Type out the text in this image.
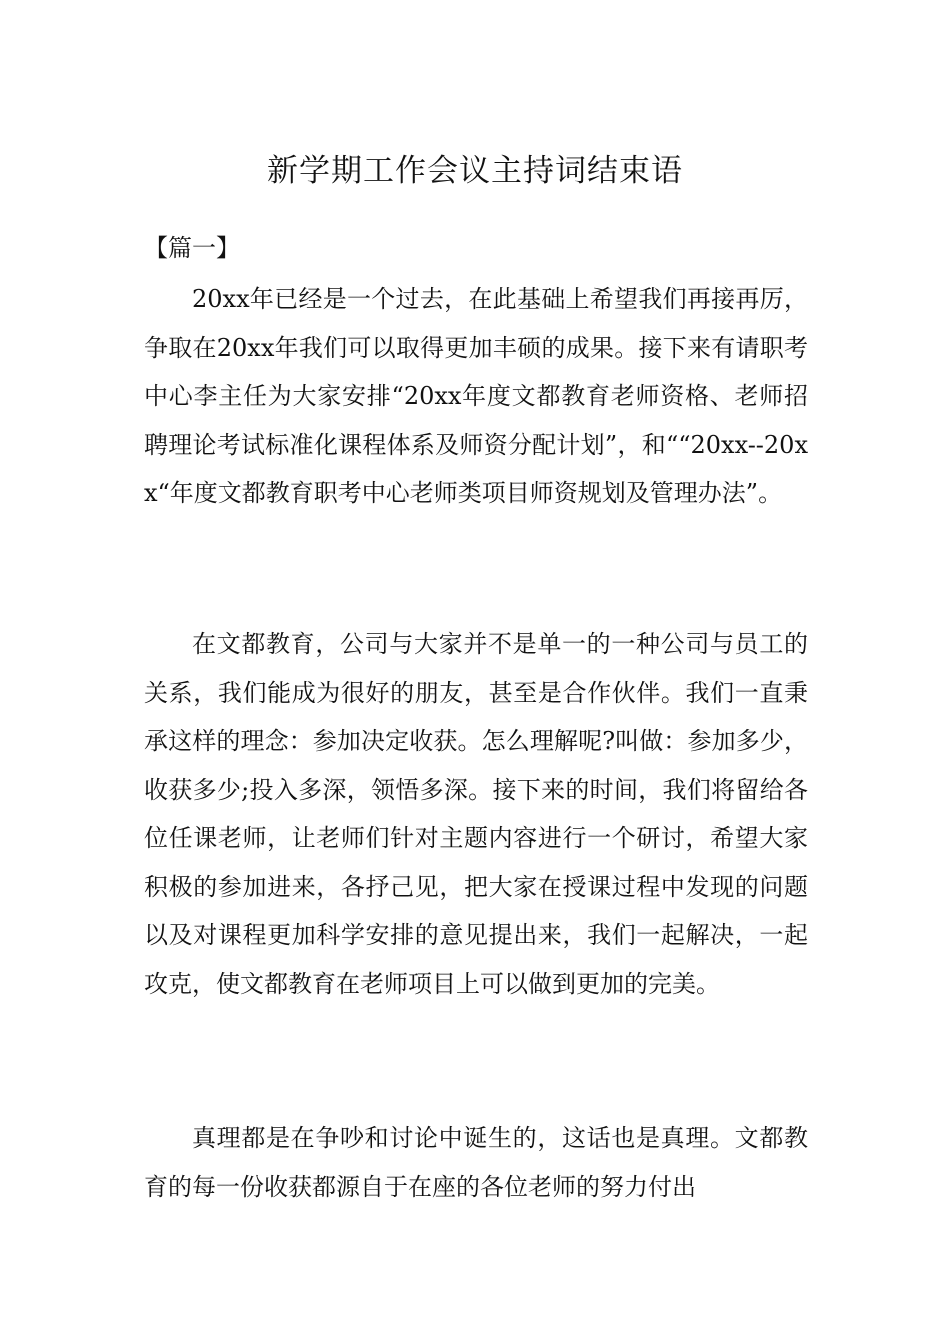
新学期工作会议主持词结束语
【篇一】

20xx年已经是一个过去，在此基础上希望我们再接再厉，争取在20xx年我们可以取得更加丰硕的成果。接下来有请职考中心李主任为大家安排“20xx年度文都教育老师资格、老师招聘理论考试标准化课程体系及师资分配计划”，和““20xx--20xx“年度文都教育职考中心老师类项目师资规划及管理办法”。

在文都教育，公司与大家并不是单一的一种公司与员工的关系，我们能成为很好的朋友，甚至是合作伙伴。我们一直秉承这样的理念：参加决定收获。怎么理解呢?叫做：参加多少，收获多少;投入多深，领悟多深。接下来的时间，我们将留给各位任课老师，让老师们针对主题内容进行一个研讨，希望大家积极的参加进来，各抒己见，把大家在授课过程中发现的问题以及对课程更加科学安排的意见提出来，我们一起解决，一起攻克，使文都教育在老师项目上可以做到更加的完美。

真理都是在争吵和讨论中诞生的，这话也是真理。文都教育的每一份收获都源自于在座的各位老师的努力付出
